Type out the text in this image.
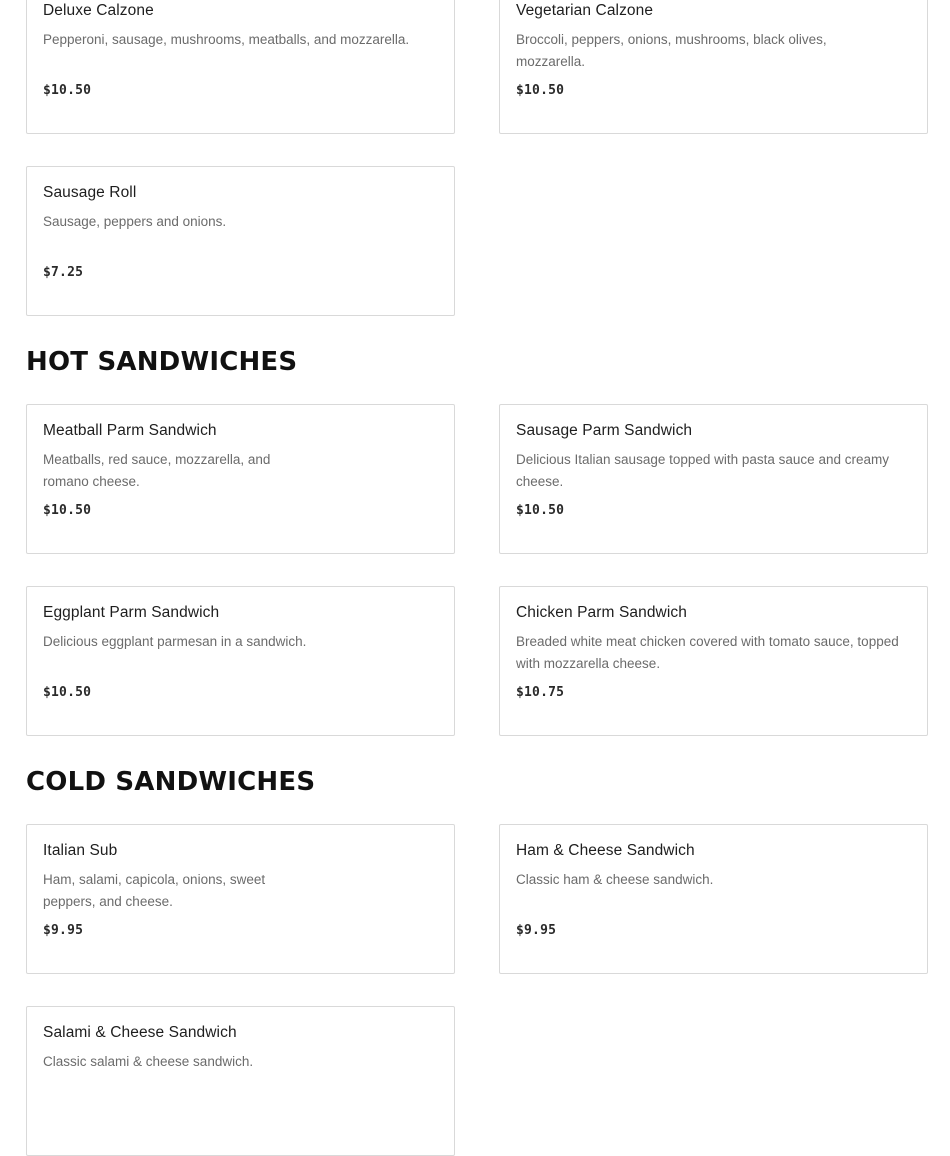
Deluxe Calzone
Pepperoni, sausage, mushrooms, meatballs, and mozzarella.
$10.50
Vegetarian Calzone
Broccoli, peppers, onions, mushrooms, black olives, mozzarella.
$10.50
Sausage Roll
Sausage, peppers and onions.
$7.25
HOT SANDWICHES
Meatball Parm Sandwich
Meatballs, red sauce, mozzarella, and romano cheese.
$10.50
Sausage Parm Sandwich
Delicious Italian sausage topped with pasta sauce and creamy cheese.
$10.50
Eggplant Parm Sandwich
Delicious eggplant parmesan in a sandwich.
$10.50
Chicken Parm Sandwich
Breaded white meat chicken covered with tomato sauce, topped with mozzarella cheese.
$10.75
COLD SANDWICHES
Italian Sub
Ham, salami, capicola, onions, sweet peppers, and cheese.
$9.95
Ham & Cheese Sandwich
Classic ham & cheese sandwich.
$9.95
Salami & Cheese Sandwich
Classic salami & cheese sandwich.
